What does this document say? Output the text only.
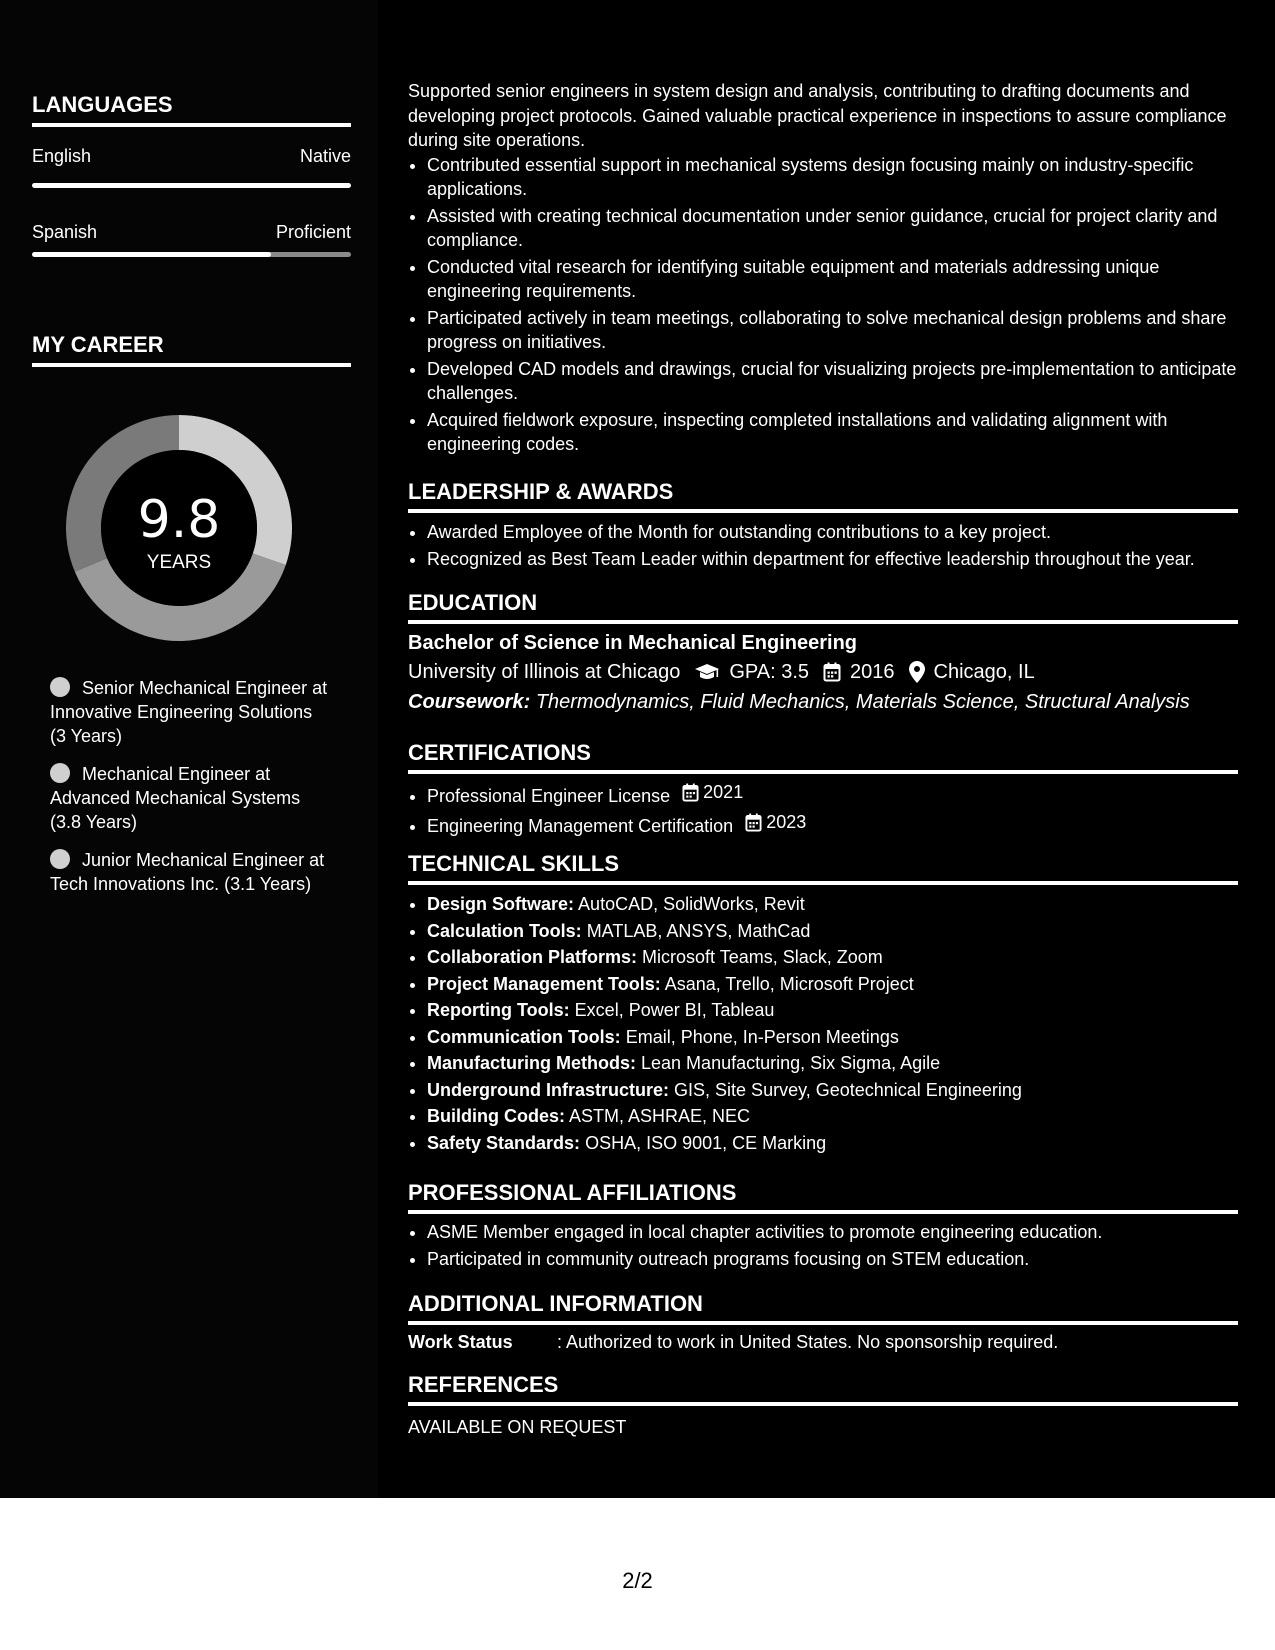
LANGUAGES
English	Native
Spanish	Proficient
MY CAREER
9.8
YEARS
Senior Mechanical Engineer at Innovative Engineering Solutions (3 Years)
Mechanical Engineer at Advanced Mechanical Systems (3.8 Years)
Junior Mechanical Engineer at Tech Innovations Inc. (3.1 Years)
Supported senior engineers in system design and analysis, contributing to drafting documents and developing project protocols. Gained valuable practical experience in inspections to assure compliance during site operations.
• Contributed essential support in mechanical systems design focusing mainly on industry-specific applications.
• Assisted with creating technical documentation under senior guidance, crucial for project clarity and compliance.
• Conducted vital research for identifying suitable equipment and materials addressing unique engineering requirements.
• Participated actively in team meetings, collaborating to solve mechanical design problems and share progress on initiatives.
• Developed CAD models and drawings, crucial for visualizing projects pre-implementation to anticipate challenges.
• Acquired fieldwork exposure, inspecting completed installations and validating alignment with engineering codes.
LEADERSHIP & AWARDS
• Awarded Employee of the Month for outstanding contributions to a key project.
• Recognized as Best Team Leader within department for effective leadership throughout the year.
EDUCATION
Bachelor of Science in Mechanical Engineering
University of Illinois at Chicago GPA: 3.5 2016 Chicago, IL
Coursework: Thermodynamics, Fluid Mechanics, Materials Science, Structural Analysis
CERTIFICATIONS
• Professional Engineer License 2021
• Engineering Management Certification 2023
TECHNICAL SKILLS
• Design Software: AutoCAD, SolidWorks, Revit
• Calculation Tools: MATLAB, ANSYS, MathCad
• Collaboration Platforms: Microsoft Teams, Slack, Zoom
• Project Management Tools: Asana, Trello, Microsoft Project
• Reporting Tools: Excel, Power BI, Tableau
• Communication Tools: Email, Phone, In-Person Meetings
• Manufacturing Methods: Lean Manufacturing, Six Sigma, Agile
• Underground Infrastructure: GIS, Site Survey, Geotechnical Engineering
• Building Codes: ASTM, ASHRAE, NEC
• Safety Standards: OSHA, ISO 9001, CE Marking
PROFESSIONAL AFFILIATIONS
• ASME Member engaged in local chapter activities to promote engineering education.
• Participated in community outreach programs focusing on STEM education.
ADDITIONAL INFORMATION
Work Status	: Authorized to work in United States. No sponsorship required.
REFERENCES
AVAILABLE ON REQUEST
2/2
